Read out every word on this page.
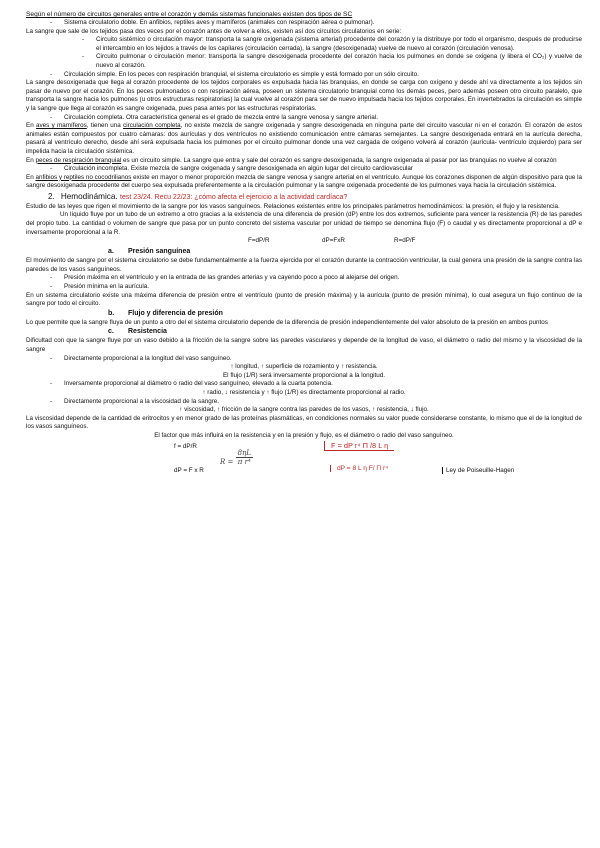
Según el número de circuitos generales entre el corazón y demás sistemas funcionales existen dos tipos de SC

- Sistema circulatorio doble. En anfibios, reptiles aves y mamíferos (animales con respiración aérea o pulmonar).

La sangre que sale de los tejidos pasa dos veces por el corazón antes de volver a ellos, existen así dos circuitos circulatorios en serie:

- Circuito sistémico o circulación mayor: transporta la sangre oxigenada (sistema arterial) procedente del corazón y la distribuye por todo el organismo, después de producirse el intercambio en los tejidos a través de los capilares (circulación cerrada), la sangre (desoxigenada) vuelve de nuevo al corazón (circulación venosa).

- Circuito pulmonar o circulación menor: transporta la sangre desoxigenada procedente del corazón hacia los pulmones en donde se oxigena (y libera el CO₂) y vuelve de nuevo al corazón.

- Circulación simple. En los peces con respiración branquial, el sistema circulatorio es simple y está formado por un sólo circuito.

La sangre desoxigenada que llega al corazón procedente de los tejidos corporales es expulsada hacia las branquias, en donde se carga con oxígeno y desde ahí va directamente a los tejidos sin pasar de nuevo por el corazón. En los peces pulmonados o con respiración aérea, poseen un sistema circulatorio branquial como los demás peces, pero además poseen otro circuito paralelo, que transporta la sangre hacia los pulmones (u otros estructuras respiratorias) la cual vuelve al corazón para ser de nuevo impulsada hacia los tejidos corporales. En invertebrados la circulación es simple y la sangre que llega al corazón es sangre oxigenada, pues pasa antes por las estructuras respiratorias.

- Circulación completa. Otra característica general es el grado de mezcla entre la sangre venosa y sangre arterial.

En aves y mamíferos, tienen una circulación completa, no existe mezcla de sangre oxigenada y sangre desoxigenada en ninguna parte del circuito vascular ni en el corazón. El corazón de estos animales están compuestos por cuatro cámaras: dos aurículas y dos ventrículos no existiendo comunicación entre cámaras semejantes. La sangre desoxigenada entrará en la aurícula derecha, pasará al ventrículo derecho, desde ahí será expulsada hacia los pulmones por el circuito pulmonar donde una vez cargada de oxígeno volverá al corazón (aurícula- ventrículo izquierdo) para ser impelida hacia la circulación sistémica.

En peces de respiración branquial es un circuito simple. La sangre que entra y sale del corazón es sangre desoxigenada, la sangre oxigenada al pasar por las branquias no vuelve al corazón

- Circulación incompleta. Existe mezcla de sangre oxigenada y sangre desoxigenada en algún lugar del circuito cardiovascular

En anfibios y reptiles no cocodrilianos existe en mayor o menor proporción mezcla de sangre venosa y sangre arterial en el ventrículo. Aunque los corazones disponen de algún dispositivo para que la sangre desoxigenada procedente del cuerpo sea expulsada preferentemente a la circulación pulmonar y la sangre oxigenada procedente de los pulmones vaya hacia la circulación sistémica.

2. Hemodinámica. test 23/24. Recu 22/23: ¿cómo afecta el ejercicio a la actividad cardíaca?

Estudio de las leyes que rigen el movimiento de la sangre por los vasos sanguíneos. Relaciones existentes entre los principales parámetros hemodinámicos: la presión, el flujo y la resistencia.

Un líquido fluye por un tubo de un extremo a otro gracias a la existencia de una diferencia de presión (dP) entre los dos extremos, suficiente para vencer la resistencia (R) de las paredes del propio tubo. La cantidad o volumen de sangre que pasa por un punto concreto del sistema vascular por unidad de tiempo se denomina flujo (F) o caudal y es directamente proporcional a dP e inversamente proporcional a la R.

F=dP/R	dP=FxR	R=dP/F
a. Presión sanguínea

El movimiento de sangre por el sistema circulatorio se debe fundamentalmente a la fuerza ejercida por el corazón durante la contracción ventricular, la cual genera una presión de la sangre contra las paredes de los vasos sanguíneos.

- Presión máxima en el ventrículo y en la entrada de las grandes arterias y va cayendo poco a poco al alejarse del origen.

- Presión mínima en la aurícula.

En un sistema circulatorio existe una máxima diferencia de presión entre el ventrículo (punto de presión máxima) y la aurícula (punto de presión mínima), lo cual asegura un flujo continuo de la sangre por todo el circuito.

b. Flujo y diferencia de presión

Lo que permite que la sangre fluya de un punto a otro del el sistema circulatorio depende de la diferencia de presión independientemente del valor absoluto de la presión en ambos puntos

c. Resistencia

Dificultad con que la sangre fluye por un vaso debido a la fricción de la sangre sobre las paredes vasculares y depende de la longitud de vaso, el diámetro o radio del mismo y la viscosidad de la sangre

- Directamente proporcional a la longitud del vaso sanguíneo.

↑ longitud, ↑ superficie de rozamiento y ↑ resistencia.

El flujo (1/R) será inversamente proporcional a la longitud.

- Inversamente proporcional al diámetro o radio del vaso sanguíneo, elevado a la cuarta potencia.

↑ radio, ↓ resistencia y ↑ flujo (1/R) es directamente proporcional al radio.

- Directamente proporcional a la viscosidad de la sangre.

↑ viscosidad, ↑ fricción de la sangre contra las paredes de los vasos, ↑ resistencia, ↓ flujo.

La viscosidad depende de la cantidad de eritrocitos y en menor grado de las proteínas plasmáticas, en condiciones normales su valor puede considerarse constante, lo mismo que el de la longitud de los vasos sanguíneos.

El factor que más influirá en la resistencia y en la presión y flujo, es el diámetro o radio del vaso sanguíneo.

f = dP/R
dP = F x R
$R = \frac{8\eta L}{\text{π r⁴}}$
F = dP r⁴ Π /8 L η
dP = 8 L η F/ Π r⁴	Ley de Poiseuille-Hagen
